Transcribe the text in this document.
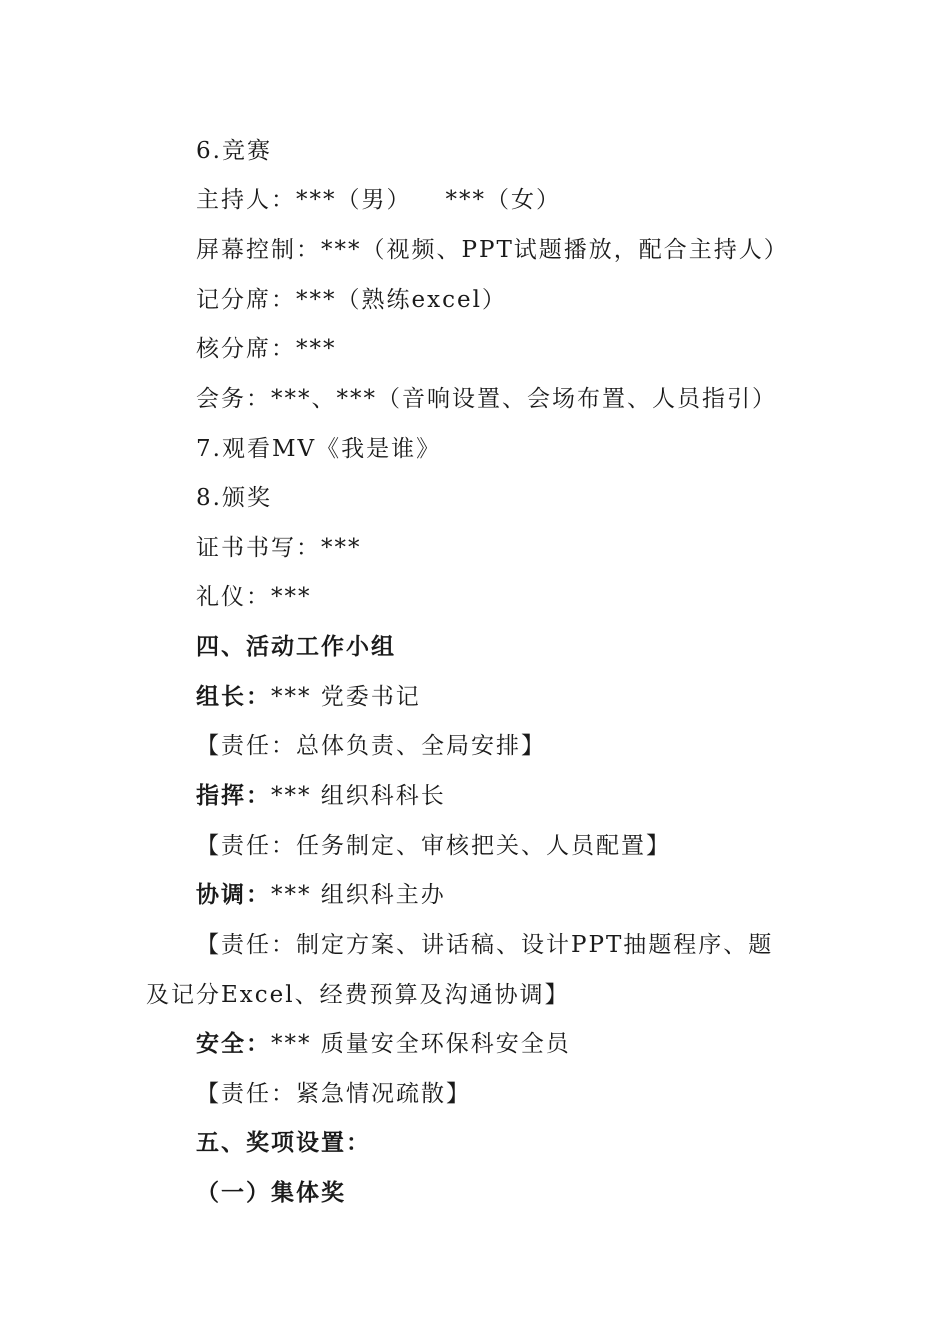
6.竞赛
主持人：***（男） ***（女）
屏幕控制：***（视频、PPT试题播放，配合主持人）
记分席：***（熟练excel）
核分席：***
会务：***、***（音响设置、会场布置、人员指引）
7.观看MV《我是谁》
8.颁奖
证书书写：***
礼仪：***
四、活动工作小组
组长：*** 党委书记
【责任：总体负责、全局安排】
指挥：*** 组织科科长
【责任：任务制定、审核把关、人员配置】
协调：*** 组织科主办
【责任：制定方案、讲话稿、设计PPT抽题程序、题
及记分Excel、经费预算及沟通协调】
安全：*** 质量安全环保科安全员
【责任：紧急情况疏散】
五、奖项设置：
（一）集体奖
